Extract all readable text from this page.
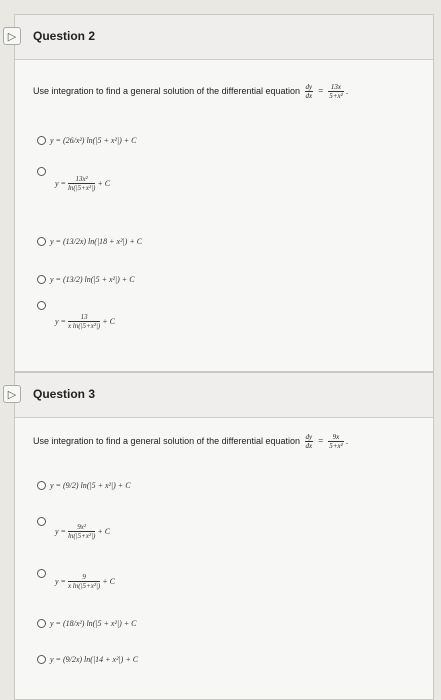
▷	Question 2
Use integration to find a general solution of the differential equation $\frac{dy}{dx} = \frac{13x}{\text{5+x²}}$ .
y = (26/x²) ln(|5 + x²|) + C
$y = \frac{\text{13x²}}{\text{ln(|5+x²|)}} + C$
y = (13/2x) ln(|18 + x²|) + C
y = (13/2) ln(|5 + x²|) + C
$y = \frac{13}{\text{x ln(|5+x²|)}} + C$
▷	Question 3
Use integration to find a general solution of the differential equation $\frac{dy}{dx} = \frac{9x}{\text{5+x²}}$ .
y = (9/2) ln(|5 + x²|) + C
$y = \frac{\text{9x²}}{\text{ln(|5+x²|)}} + C$
$y = \frac{9}{\text{x ln(|5+x²|)}} + C$
y = (18/x²) ln(|5 + x²|) + C
y = (9/2x) ln(|14 + x²|) + C
